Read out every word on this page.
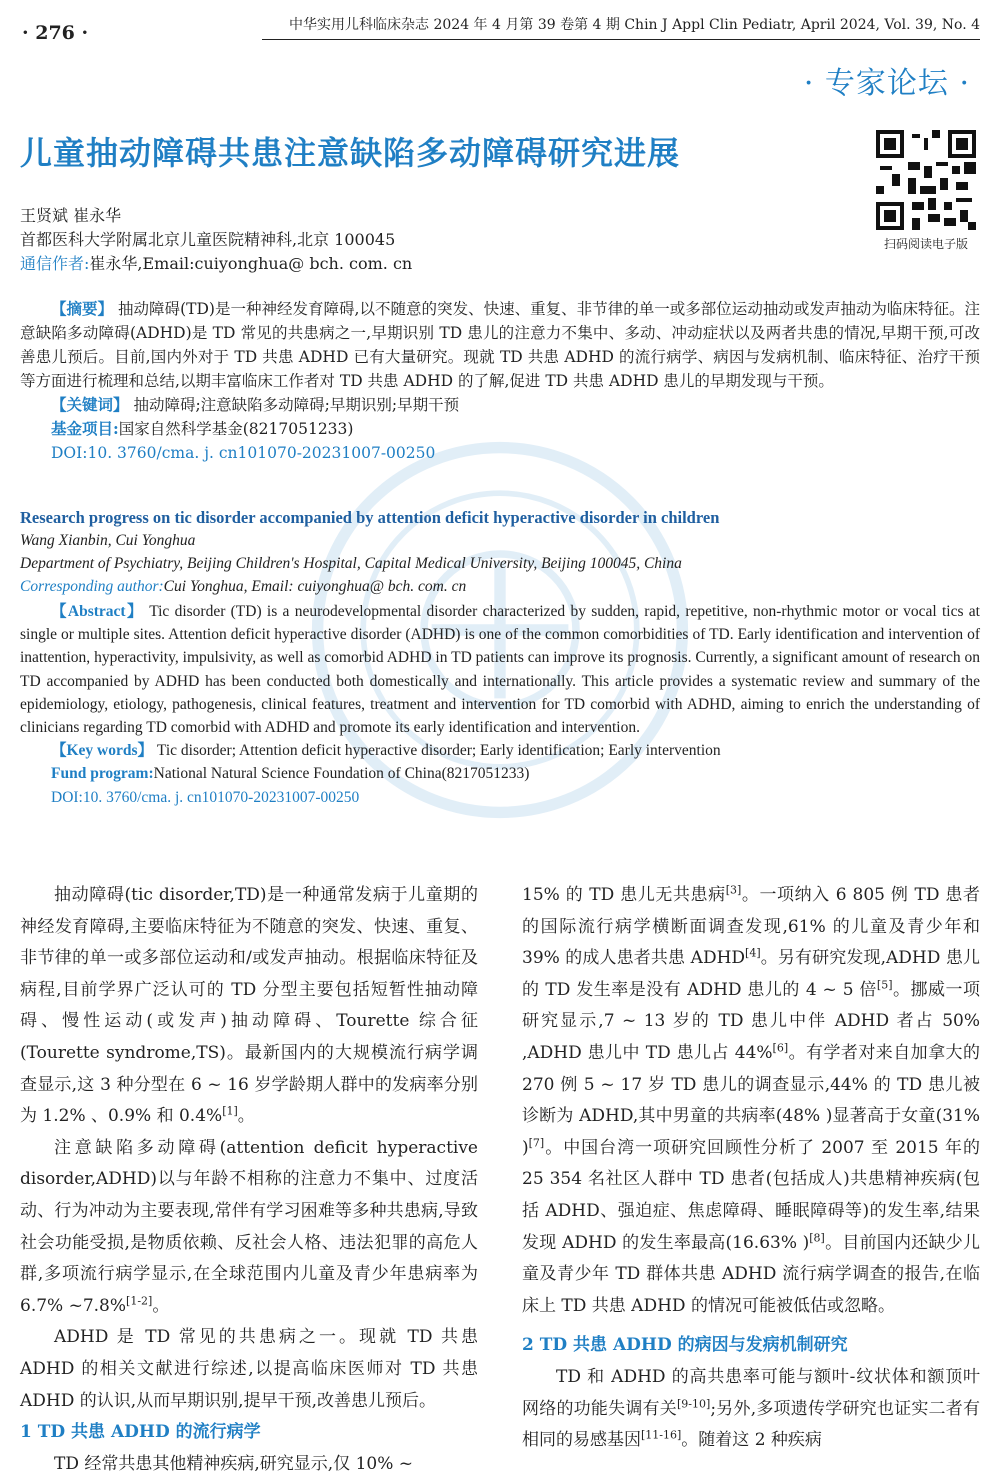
· 276 ·	中华实用儿科临床杂志 2024 年 4 月第 39 卷第 4 期 Chin J Appl Clin Pediatr, April 2024, Vol. 39, No. 4
· 专家论坛 ·
儿童抽动障碍共患注意缺陷多动障碍研究进展
扫码阅读电子版
王贤斌 崔永华
首都医科大学附属北京儿童医院精神科,北京 100045
通信作者:崔永华,Email:cuiyonghua@ bch. com. cn
【摘要】 抽动障碍(TD)是一种神经发育障碍,以不随意的突发、快速、重复、非节律的单一或多部位运动抽动或发声抽动为临床特征。注意缺陷多动障碍(ADHD)是 TD 常见的共患病之一,早期识别 TD 患儿的注意力不集中、多动、冲动症状以及两者共患的情况,早期干预,可改善患儿预后。目前,国内外对于 TD 共患 ADHD 已有大量研究。现就 TD 共患 ADHD 的流行病学、病因与发病机制、临床特征、治疗干预等方面进行梳理和总结,以期丰富临床工作者对 TD 共患 ADHD 的了解,促进 TD 共患 ADHD 患儿的早期发现与干预。
【关键词】 抽动障碍;注意缺陷多动障碍;早期识别;早期干预
基金项目:国家自然科学基金(8217051233)
DOI:10. 3760/cma. j. cn101070-20231007-00250
Research progress on tic disorder accompanied by attention deficit hyperactive disorder in children
Wang Xianbin, Cui Yonghua
Department of Psychiatry, Beijing Children's Hospital, Capital Medical University, Beijing 100045, China
Corresponding author:Cui Yonghua, Email: cuiyonghua@ bch. com. cn
【Abstract】 Tic disorder (TD) is a neurodevelopmental disorder characterized by sudden, rapid, repetitive, non-rhythmic motor or vocal tics at single or multiple sites. Attention deficit hyperactive disorder (ADHD) is one of the common comorbidities of TD. Early identification and intervention of inattention, hyperactivity, impulsivity, as well as comorbid ADHD in TD patients can improve its prognosis. Currently, a significant amount of research on TD accompanied by ADHD has been conducted both domestically and internationally. This article provides a systematic review and summary of the epidemiology, etiology, pathogenesis, clinical features, treatment and intervention for TD comorbid with ADHD, aiming to enrich the understanding of clinicians regarding TD comorbid with ADHD and promote its early identification and intervention.
【Key words】 Tic disorder; Attention deficit hyperactive disorder; Early identification; Early intervention
Fund program:National Natural Science Foundation of China(8217051233)
DOI:10. 3760/cma. j. cn101070-20231007-00250

抽动障碍(tic disorder,TD)是一种通常发病于儿童期的神经发育障碍,主要临床特征为不随意的突发、快速、重复、非节律的单一或多部位运动和/或发声抽动。根据临床特征及病程,目前学界广泛认可的 TD 分型主要包括短暂性抽动障碍、慢性运动(或发声)抽动障碍、Tourette 综合征(Tourette syndrome,TS)。最新国内的大规模流行病学调查显示,这 3 种分型在 6 ~ 16 岁学龄期人群中的发病率分别为 1.2% 、0.9% 和 0.4%[1]。

注意缺陷多动障碍(attention deficit hyperactive disorder,ADHD)以与年龄不相称的注意力不集中、过度活动、行为冲动为主要表现,常伴有学习困难等多种共患病,导致社会功能受损,是物质依赖、反社会人格、违法犯罪的高危人群,多项流行病学显示,在全球范围内儿童及青少年患病率为 6.7% ~7.8%[1-2]。

ADHD 是 TD 常见的共患病之一。现就 TD 共患 ADHD 的相关文献进行综述,以提高临床医师对 TD 共患 ADHD 的认识,从而早期识别,提早干预,改善患儿预后。

1 TD 共患 ADHD 的流行病学

TD 经常共患其他精神疾病,研究显示,仅 10% ~

15% 的 TD 患儿无共患病[3]。一项纳入 6 805 例 TD 患者的国际流行病学横断面调查发现,61% 的儿童及青少年和 39% 的成人患者共患 ADHD[4]。另有研究发现,ADHD 患儿的 TD 发生率是没有 ADHD 患儿的 4 ~ 5 倍[5]。挪威一项研究显示,7 ~ 13 岁的 TD 患儿中伴 ADHD 者占 50% ,ADHD 患儿中 TD 患儿占 44%[6]。有学者对来自加拿大的 270 例 5 ~ 17 岁 TD 患儿的调查显示,44% 的 TD 患儿被诊断为 ADHD,其中男童的共病率(48% )显著高于女童(31% )[7]。中国台湾一项研究回顾性分析了 2007 至 2015 年的 25 354 名社区人群中 TD 患者(包括成人)共患精神疾病(包括 ADHD、强迫症、焦虑障碍、睡眠障碍等)的发生率,结果发现 ADHD 的发生率最高(16.63% )[8]。目前国内还缺少儿童及青少年 TD 群体共患 ADHD 流行病学调查的报告,在临床上 TD 共患 ADHD 的情况可能被低估或忽略。

2 TD 共患 ADHD 的病因与发病机制研究

TD 和 ADHD 的高共患率可能与额叶-纹状体和额顶叶网络的功能失调有关[9-10];另外,多项遗传学研究也证实二者有相同的易感基因[11-16]。随着这 2 种疾病
